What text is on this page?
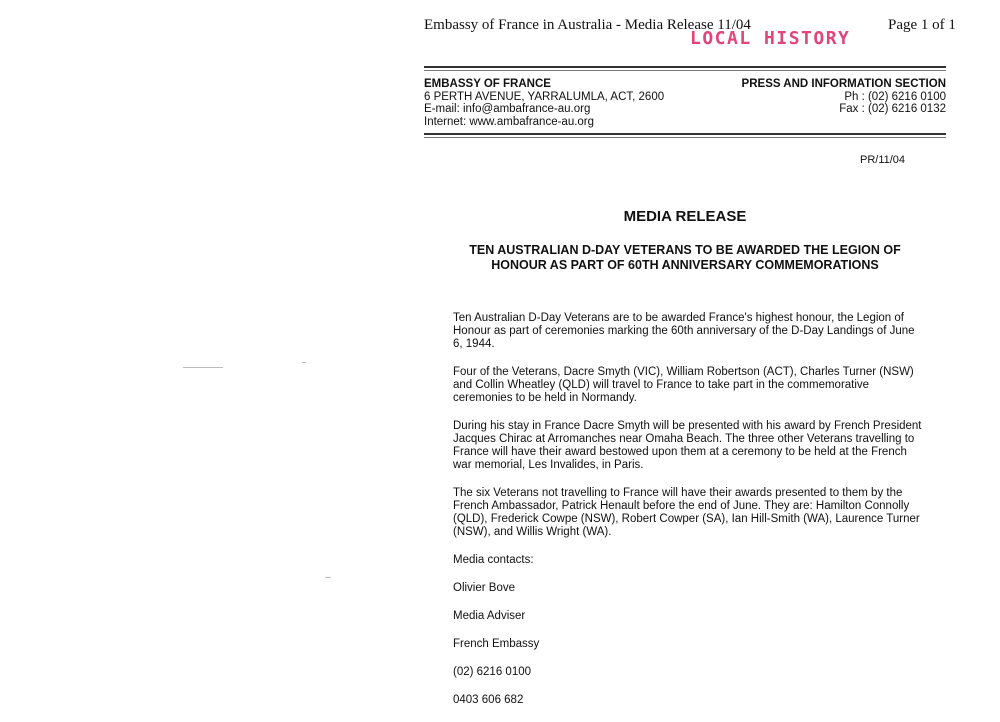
Embassy of France in Australia - Media Release 11/04	Page 1 of 1
LOCAL HISTORY
EMBASSY OF FRANCE
6 PERTH AVENUE, YARRALUMLA, ACT, 2600
E-mail: info@ambafrance-au.org
Internet: www.ambafrance-au.org
PRESS AND INFORMATION SECTION
Ph : (02) 6216 0100
Fax : (02) 6216 0132
PR/11/04
MEDIA RELEASE
TEN AUSTRALIAN D-DAY VETERANS TO BE AWARDED THE LEGION OF
HONOUR AS PART OF 60TH ANNIVERSARY COMMEMORATIONS

Ten Australian D-Day Veterans are to be awarded France's highest honour, the Legion of Honour as part of ceremonies marking the 60th anniversary of the D-Day Landings of June 6, 1944.

Four of the Veterans, Dacre Smyth (VIC), William Robertson (ACT), Charles Turner (NSW) and Collin Wheatley (QLD) will travel to France to take part in the commemorative ceremonies to be held in Normandy.

During his stay in France Dacre Smyth will be presented with his award by French President Jacques Chirac at Arromanches near Omaha Beach. The three other Veterans travelling to France will have their award bestowed upon them at a ceremony to be held at the French war memorial, Les Invalides, in Paris.

The six Veterans not travelling to France will have their awards presented to them by the French Ambassador, Patrick Henault before the end of June. They are: Hamilton Connolly (QLD), Frederick Cowpe (NSW), Robert Cowper (SA), Ian Hill-Smith (WA), Laurence Turner (NSW), and Willis Wright (WA).

Media contacts:

Olivier Bove

Media Adviser

French Embassy

(02) 6216 0100

0403 606 682
